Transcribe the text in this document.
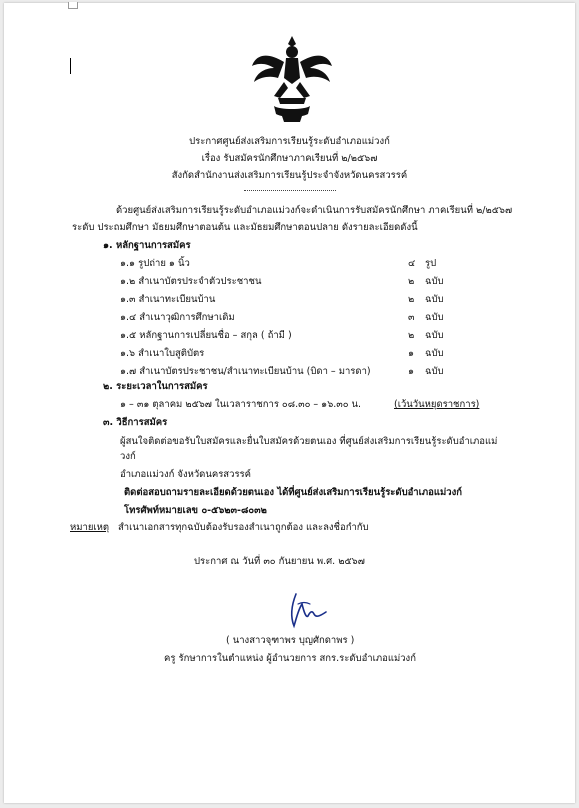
ประกาศศูนย์ส่งเสริมการเรียนรู้ระดับอำเภอแม่วงก์
เรื่อง รับสมัครนักศึกษาภาคเรียนที่ ๒/๒๕๖๗
สังกัดสำนักงานส่งเสริมการเรียนรู้ประจำจังหวัดนครสวรรค์
ด้วยศูนย์ส่งเสริมการเรียนรู้ระดับอำเภอแม่วงก์จะดำเนินการรับสมัครนักศึกษา ภาคเรียนที่ ๒/๒๕๖๗
ระดับ ประถมศึกษา มัธยมศึกษาตอนต้น และมัธยมศึกษาตอนปลาย ดังรายละเอียดดังนี้
๑. หลักฐานการสมัคร
๑.๑ รูปถ่าย ๑ นิ้ว	๔ รูป
๑.๒ สำเนาบัตรประจำตัวประชาชน	๒ ฉบับ
๑.๓ สำเนาทะเบียนบ้าน	๒ ฉบับ
๑.๔ สำเนาวุฒิการศึกษาเดิม	๓ ฉบับ
๑.๕ หลักฐานการเปลี่ยนชื่อ – สกุล ( ถ้ามี )	๒ ฉบับ
๑.๖ สำเนาใบสูติบัตร	๑ ฉบับ
๑.๗ สำเนาบัตรประชาชน/สำเนาทะเบียนบ้าน (บิดา – มารดา)	๑ ฉบับ
๒. ระยะเวลาในการสมัคร
๑ – ๓๑ ตุลาคม ๒๕๖๗ ในเวลาราชการ ๐๘.๓๐ – ๑๖.๓๐ น.	(เว้นวันหยุดราชการ)
๓. วิธีการสมัคร
ผู้สนใจติดต่อขอรับใบสมัครและยื่นใบสมัครด้วยตนเอง ที่ศูนย์ส่งเสริมการเรียนรู้ระดับอำเภอแม่
วงก์
อำเภอแม่วงก์ จังหวัดนครสวรรค์
ติดต่อสอบถามรายละเอียดด้วยตนเอง ได้ที่ศูนย์ส่งเสริมการเรียนรู้ระดับอำเภอแม่วงก์
โทรศัพท์หมายเลข ๐-๕๖๒๓-๘๐๓๒
หมายเหตุ สำเนาเอกสารทุกฉบับต้องรับรองสำเนาถูกต้อง และลงชื่อกำกับ
ประกาศ ณ วันที่ ๓๐ กันยายน พ.ศ. ๒๕๖๗
( นางสาวจุฑาพร บุญศักดาพร )
ครู รักษาการในตำแหน่ง ผู้อำนวยการ สกร.ระดับอำเภอแม่วงก์
